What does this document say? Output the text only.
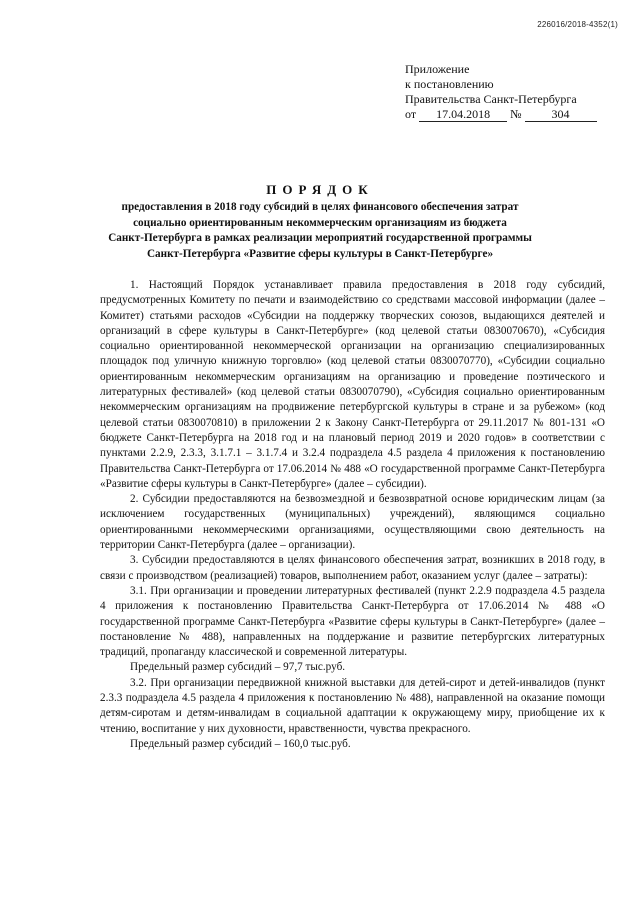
226016/2018-4352(1)
Приложение
к постановлению
Правительства Санкт-Петербурга
от 17.04.2018 №	304
ПОРЯДОК
предоставления в 2018 году субсидий в целях финансового обеспечения затрат
социально ориентированным некоммерческим организациям из бюджета
Санкт-Петербурга в рамках реализации мероприятий государственной программы
Санкт-Петербурга «Развитие сферы культуры в Санкт-Петербурге»

1. Настоящий Порядок устанавливает правила предоставления в 2018 году субсидий, предусмотренных Комитету по печати и взаимодействию со средствами массовой информации (далее – Комитет) статьями расходов «Субсидии на поддержку творческих союзов, выдающихся деятелей и организаций в сфере культуры в Санкт-Петербурге» (код целевой статьи 0830070670), «Субсидия социально ориентированной некоммерческой организации на организацию специализированных площадок под уличную книжную торговлю» (код целевой статьи 0830070770), «Субсидии социально ориентированным некоммерческим организациям на организацию и проведение поэтического и литературных фестивалей» (код целевой статьи 0830070790), «Субсидия социально ориентированным некоммерческим организациям на продвижение петербургской культуры в стране и за рубежом» (код целевой статьи 0830070810) в приложении 2 к Закону Санкт-Петербурга от 29.11.2017 № 801-131 «О бюджете Санкт-Петербурга на 2018 год и на плановый период 2019 и 2020 годов» в соответствии с пунктами 2.2.9, 2.3.3, 3.1.7.1 – 3.1.7.4 и 3.2.4 подраздела 4.5 раздела 4 приложения к постановлению Правительства Санкт-Петербурга от 17.06.2014 № 488 «О государственной программе Санкт-Петербурга «Развитие сферы культуры в Санкт-Петербурге» (далее – субсидии).

2. Субсидии предоставляются на безвозмездной и безвозвратной основе юридическим лицам (за исключением государственных (муниципальных) учреждений), являющимся социально ориентированными некоммерческими организациями, осуществляющими свою деятельность на территории Санкт-Петербурга (далее – организации).

3. Субсидии предоставляются в целях финансового обеспечения затрат, возникших в 2018 году, в связи с производством (реализацией) товаров, выполнением работ, оказанием услуг (далее – затраты):

3.1. При организации и проведении литературных фестивалей (пункт 2.2.9 подраздела 4.5 раздела 4 приложения к постановлению Правительства Санкт-Петербурга от 17.06.2014 № 488 «О государственной программе Санкт-Петербурга «Развитие сферы культуры в Санкт-Петербурге» (далее – постановление № 488), направленных на поддержание и развитие петербургских литературных традиций, пропаганду классической и современной литературы.

Предельный размер субсидий – 97,7 тыс.руб.

3.2. При организации передвижной книжной выставки для детей-сирот и детей-инвалидов (пункт 2.3.3 подраздела 4.5 раздела 4 приложения к постановлению № 488), направленной на оказание помощи детям-сиротам и детям-инвалидам в социальной адаптации к окружающему миру, приобщение их к чтению, воспитание у них духовности, нравственности, чувства прекрасного.

Предельный размер субсидий – 160,0 тыс.руб.
